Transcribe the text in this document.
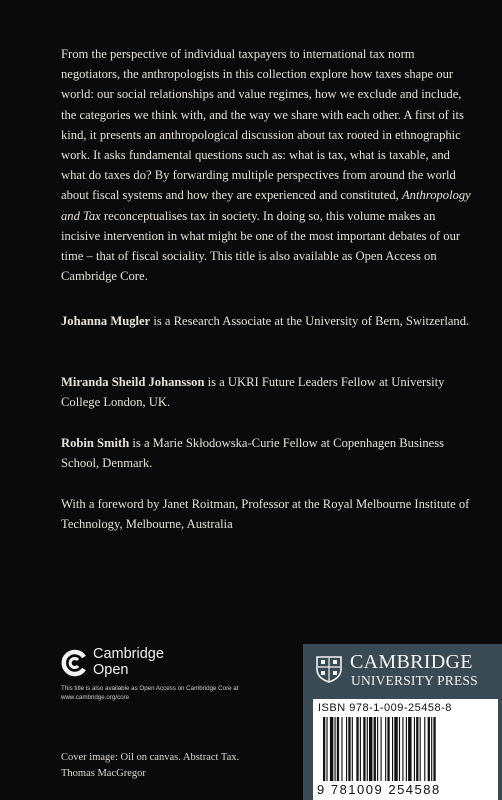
From the perspective of individual taxpayers to international tax norm negotiators, the anthropologists in this collection explore how taxes shape our world: our social relationships and value regimes, how we exclude and include, the categories we think with, and the way we share with each other. A first of its kind, it presents an anthropological discussion about tax rooted in ethnographic work. It asks fundamental questions such as: what is tax, what is taxable, and what do taxes do? By forwarding multiple perspectives from around the world about fiscal systems and how they are experienced and constituted, Anthropology and Tax reconceptualises tax in society. In doing so, this volume makes an incisive intervention in what might be one of the most important debates of our time – that of fiscal sociality. This title is also available as Open Access on Cambridge Core.

Johanna Mugler is a Research Associate at the University of Bern, Switzerland.
Miranda Sheild Johansson is a UKRI Future Leaders Fellow at University College London, UK.
Robin Smith is a Marie Skłodowska-Curie Fellow at Copenhagen Business School, Denmark.
With a foreword by Janet Roitman, Professor at the Royal Melbourne Institute of Technology, Melbourne, Australia
Cambridge
Open
This title is also available as Open Access on Cambridge Core at www.cambridge.org/core
Cover image: Oil on canvas. Abstract Tax.
Thomas MacGregor
CAMBRIDGE
UNIVERSITY PRESS
ISBN 978-1-009-25458-8
9 781009 254588
